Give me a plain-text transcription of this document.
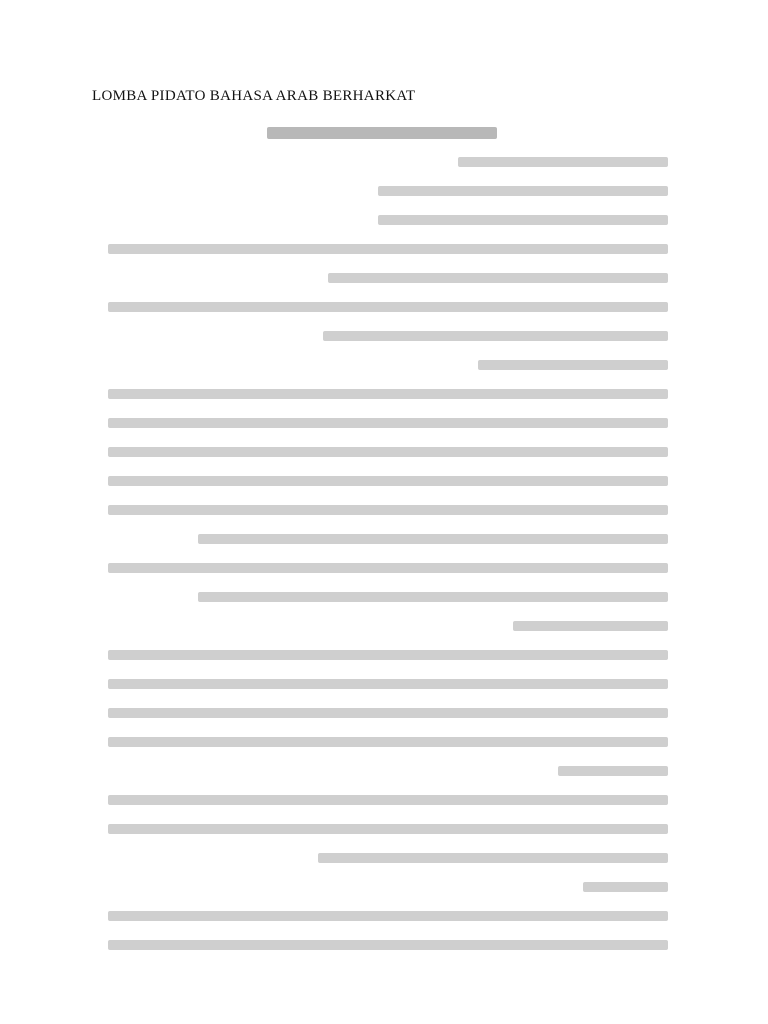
LOMBA PIDATO BAHASA ARAB BERHARKAT
